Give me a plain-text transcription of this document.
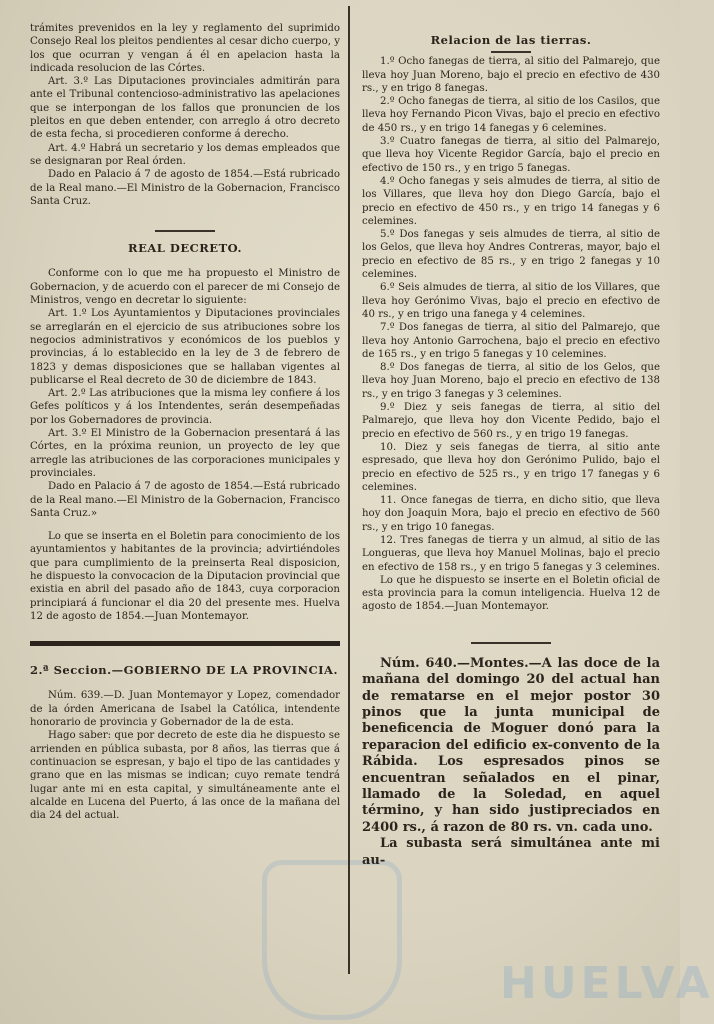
HUELVA

trámites prevenidos en la ley y reglamento del suprimido Consejo Real los pleitos pendientes al cesar dicho cuerpo, y los que ocurran y vengan á él en apelacion hasta la indicada resolucion de las Córtes.

Art. 3.º Las Diputaciones provinciales admitirán para ante el Tribunal contencioso-administrativo las apelaciones que se interpongan de los fallos que pronuncien de los pleitos en que deben entender, con arreglo á otro decreto de esta fecha, si procedieren conforme á derecho.

Art. 4.º Habrá un secretario y los demas empleados que se designaran por Real órden.

Dado en Palacio á 7 de agosto de 1854.—Está rubricado de la Real mano.—El Ministro de la Gobernacion, Francisco Santa Cruz.

REAL DECRETO.

Conforme con lo que me ha propuesto el Ministro de Gobernacion, y de acuerdo con el parecer de mi Consejo de Ministros, vengo en decretar lo siguiente:

Art. 1.º Los Ayuntamientos y Diputaciones provinciales se arreglarán en el ejercicio de sus atribuciones sobre los negocios administrativos y económicos de los pueblos y provincias, á lo establecido en la ley de 3 de febrero de 1823 y demas disposiciones que se hallaban vigentes al publicarse el Real decreto de 30 de diciembre de 1843.

Art. 2.º Las atribuciones que la misma ley confiere á los Gefes políticos y á los Intendentes, serán desempeñadas por los Gobernadores de provincia.

Art. 3.º El Ministro de la Gobernacion presentará á las Córtes, en la próxima reunion, un proyecto de ley que arregle las atribuciones de las corporaciones municipales y provinciales.

Dado en Palacio á 7 de agosto de 1854.—Está rubricado de la Real mano.—El Ministro de la Gobernacion, Francisco Santa Cruz.»

Lo que se inserta en el Boletin para conocimiento de los ayuntamientos y habitantes de la provincia; advirtiéndoles que para cumplimiento de la preinserta Real disposicion, he dispuesto la convocacion de la Diputacion provincial que existia en abril del pasado año de 1843, cuya corporacion principiará á funcionar el dia 20 del presente mes. Huelva 12 de agosto de 1854.—Juan Montemayor.

2.ª Seccion.—GOBIERNO DE LA PROVINCIA.

Núm. 639.—D. Juan Montemayor y Lopez, comendador de la órden Americana de Isabel la Católica, intendente honorario de provincia y Gobernador de la de esta.

Hago saber: que por decreto de este dia he dispuesto se arrienden en pública subasta, por 8 años, las tierras que á continuacion se espresan, y bajo el tipo de las cantidades y grano que en las mismas se indican; cuyo remate tendrá lugar ante mi en esta capital, y simultáneamente ante el alcalde en Lucena del Puerto, á las once de la mañana del dia 24 del actual.

Relacion de las tierras.

1.º Ocho fanegas de tierra, al sitio del Palmarejo, que lleva hoy Juan Moreno, bajo el precio en efectivo de 430 rs., y en trigo 8 fanegas.

2.º Ocho fanegas de tierra, al sitio de los Casilos, que lleva hoy Fernando Picon Vivas, bajo el precio en efectivo de 450 rs., y en trigo 14 fanegas y 6 celemines.

3.º Cuatro fanegas de tierra, al sitio del Palmarejo, que lleva hoy Vicente Regidor García, bajo el precio en efectivo de 150 rs., y en trigo 5 fanegas.

4.º Ocho fanegas y seis almudes de tierra, al sitio de los Villares, que lleva hoy don Diego García, bajo el precio en efectivo de 450 rs., y en trigo 14 fanegas y 6 celemines.

5.º Dos fanegas y seis almudes de tierra, al sitio de los Gelos, que lleva hoy Andres Contreras, mayor, bajo el precio en efectivo de 85 rs., y en trigo 2 fanegas y 10 celemines.

6.º Seis almudes de tierra, al sitio de los Villares, que lleva hoy Gerónimo Vivas, bajo el precio en efectivo de 40 rs., y en trigo una fanega y 4 celemines.

7.º Dos fanegas de tierra, al sitio del Palmarejo, que lleva hoy Antonio Garrochena, bajo el precio en efectivo de 165 rs., y en trigo 5 fanegas y 10 celemines.

8.º Dos fanegas de tierra, al sitio de los Gelos, que lleva hoy Juan Moreno, bajo el precio en efectivo de 138 rs., y en trigo 3 fanegas y 3 celemines.

9.º Diez y seis fanegas de tierra, al sitio del Palmarejo, que lleva hoy don Vicente Pedido, bajo el precio en efectivo de 560 rs., y en trigo 19 fanegas.

10. Diez y seis fanegas de tierra, al sitio ante espresado, que lleva hoy don Gerónimo Pulido, bajo el precio en efectivo de 525 rs., y en trigo 17 fanegas y 6 celemines.

11. Once fanegas de tierra, en dicho sitio, que lleva hoy don Joaquin Mora, bajo el precio en efectivo de 560 rs., y en trigo 10 fanegas.

12. Tres fanegas de tierra y un almud, al sitio de las Longueras, que lleva hoy Manuel Molinas, bajo el precio en efectivo de 158 rs., y en trigo 5 fanegas y 3 celemines.

Lo que he dispuesto se inserte en el Boletin oficial de esta provincia para la comun inteligencia. Huelva 12 de agosto de 1854.—Juan Montemayor.

Núm. 640.—Montes.—A las doce de la mañana del domingo 20 del actual han de rematarse en el mejor postor 30 pinos que la junta municipal de beneficencia de Moguer donó para la reparacion del edificio ex-convento de la Rábida. Los espresados pinos se encuentran señalados en el pinar, llamado de la Soledad, en aquel término, y han sido justipreciados en 2400 rs., á razon de 80 rs. vn. cada uno.

La subasta será simultánea ante mi au-
